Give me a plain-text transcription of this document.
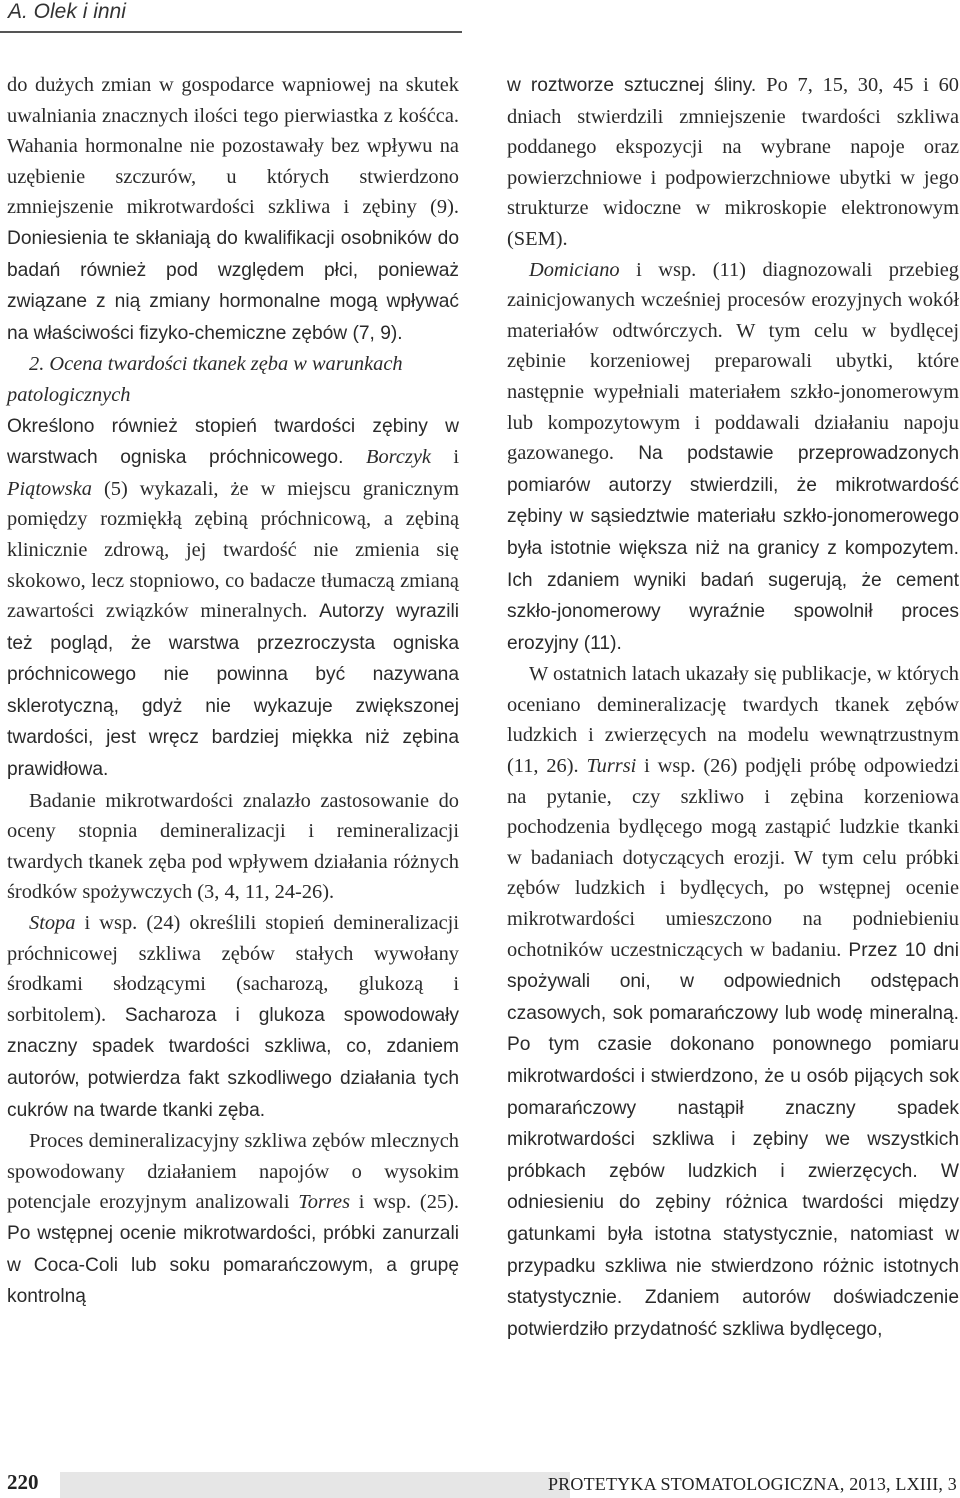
A. Olek i inni

do dużych zmian w gospodarce wapniowej na skutek uwalniania znacznych ilości tego pierwiastka z kośćca. Wahania hormonalne nie pozostawały bez wpływu na uzębienie szczurów, u których stwierdzono zmniejszenie mikrotwardości szkliwa i zębiny (9). Doniesienia te skłaniają do kwalifikacji osobników do badań również pod względem płci, ponieważ związane z nią zmiany hormonalne mogą wpływać na właściwości fizyko-chemiczne zębów (7, 9).

2. Ocena twardości tkanek zęba w warunkach patologicznych

Określono również stopień twardości zębiny w warstwach ogniska próchnicowego. Borczyk i Piątowska (5) wykazali, że w miejscu granicznym pomiędzy rozmiękłą zębiną próchnicową, a zębiną klinicznie zdrową, jej twardość nie zmienia się skokowo, lecz stopniowo, co badacze tłumaczą zmianą zawartości związków mineralnych. Autorzy wyrazili też pogląd, że warstwa przezroczysta ogniska próchnicowego nie powinna być nazywana sklerotyczną, gdyż nie wykazuje zwiększonej twardości, jest wręcz bardziej miękka niż zębina prawidłowa.

Badanie mikrotwardości znalazło zastosowanie do oceny stopnia demineralizacji i remineralizacji twardych tkanek zęba pod wpływem działania różnych środków spożywczych (3, 4, 11, 24-26).

Stopa i wsp. (24) określili stopień demineralizacji próchnicowej szkliwa zębów stałych wywołany środkami słodzącymi (sacharozą, glukozą i sorbitolem). Sacharoza i glukoza spowodowały znaczny spadek twardości szkliwa, co, zdaniem autorów, potwierdza fakt szkodliwego działania tych cukrów na twarde tkanki zęba.

Proces demineralizacyjny szkliwa zębów mlecznych spowodowany działaniem napojów o wysokim potencjale erozyjnym analizowali Torres i wsp. (25). Po wstępnej ocenie mikrotwardości, próbki zanurzali w Coca-Coli lub soku pomarańczowym, a grupę kontrolną

w roztworze sztucznej śliny. Po 7, 15, 30, 45 i 60 dniach stwierdzili zmniejszenie twardości szkliwa poddanego ekspozycji na wybrane napoje oraz powierzchniowe i podpowierzchniowe ubytki w jego strukturze widoczne w mikroskopie elektronowym (SEM).

Domiciano i wsp. (11) diagnozowali przebieg zainicjowanych wcześniej procesów erozyjnych wokół materiałów odtwórczych. W tym celu w bydlęcej zębinie korzeniowej preparowali ubytki, które następnie wypełniali materiałem szkło-jonomerowym lub kompozytowym i poddawali działaniu napoju gazowanego. Na podstawie przeprowadzonych pomiarów autorzy stwierdzili, że mikrotwardość zębiny w sąsiedztwie materiału szkło-jonomerowego była istotnie większa niż na granicy z kompozytem. Ich zdaniem wyniki badań sugerują, że cement szkło-jonomerowy wyraźnie spowolnił proces erozyjny (11).

W ostatnich latach ukazały się publikacje, w których oceniano demineralizację twardych tkanek zębów ludzkich i zwierzęcych na modelu wewnątrzustnym (11, 26). Turrsi i wsp. (26) podjęli próbę odpowiedzi na pytanie, czy szkliwo i zębina korzeniowa pochodzenia bydlęcego mogą zastąpić ludzkie tkanki w badaniach dotyczących erozji. W tym celu próbki zębów ludzkich i bydlęcych, po wstępnej ocenie mikrotwardości umieszczono na podniebieniu ochotników uczestniczących w badaniu. Przez 10 dni spożywali oni, w odpowiednich odstępach czasowych, sok pomarańczowy lub wodę mineralną. Po tym czasie dokonano ponownego pomiaru mikrotwardości i stwierdzono, że u osób pijących sok pomarańczowy nastąpił znaczny spadek mikrotwardości szkliwa i zębiny we wszystkich próbkach zębów ludzkich i zwierzęcych. W odniesieniu do zębiny różnica twardości między gatunkami była istotna statystycznie, natomiast w przypadku szkliwa nie stwierdzono różnic istotnych statystycznie. Zdaniem autorów doświadczenie potwierdziło przydatność szkliwa bydlęcego,

220	PROTETYKA STOMATOLOGICZNA, 2013, LXIII, 3
